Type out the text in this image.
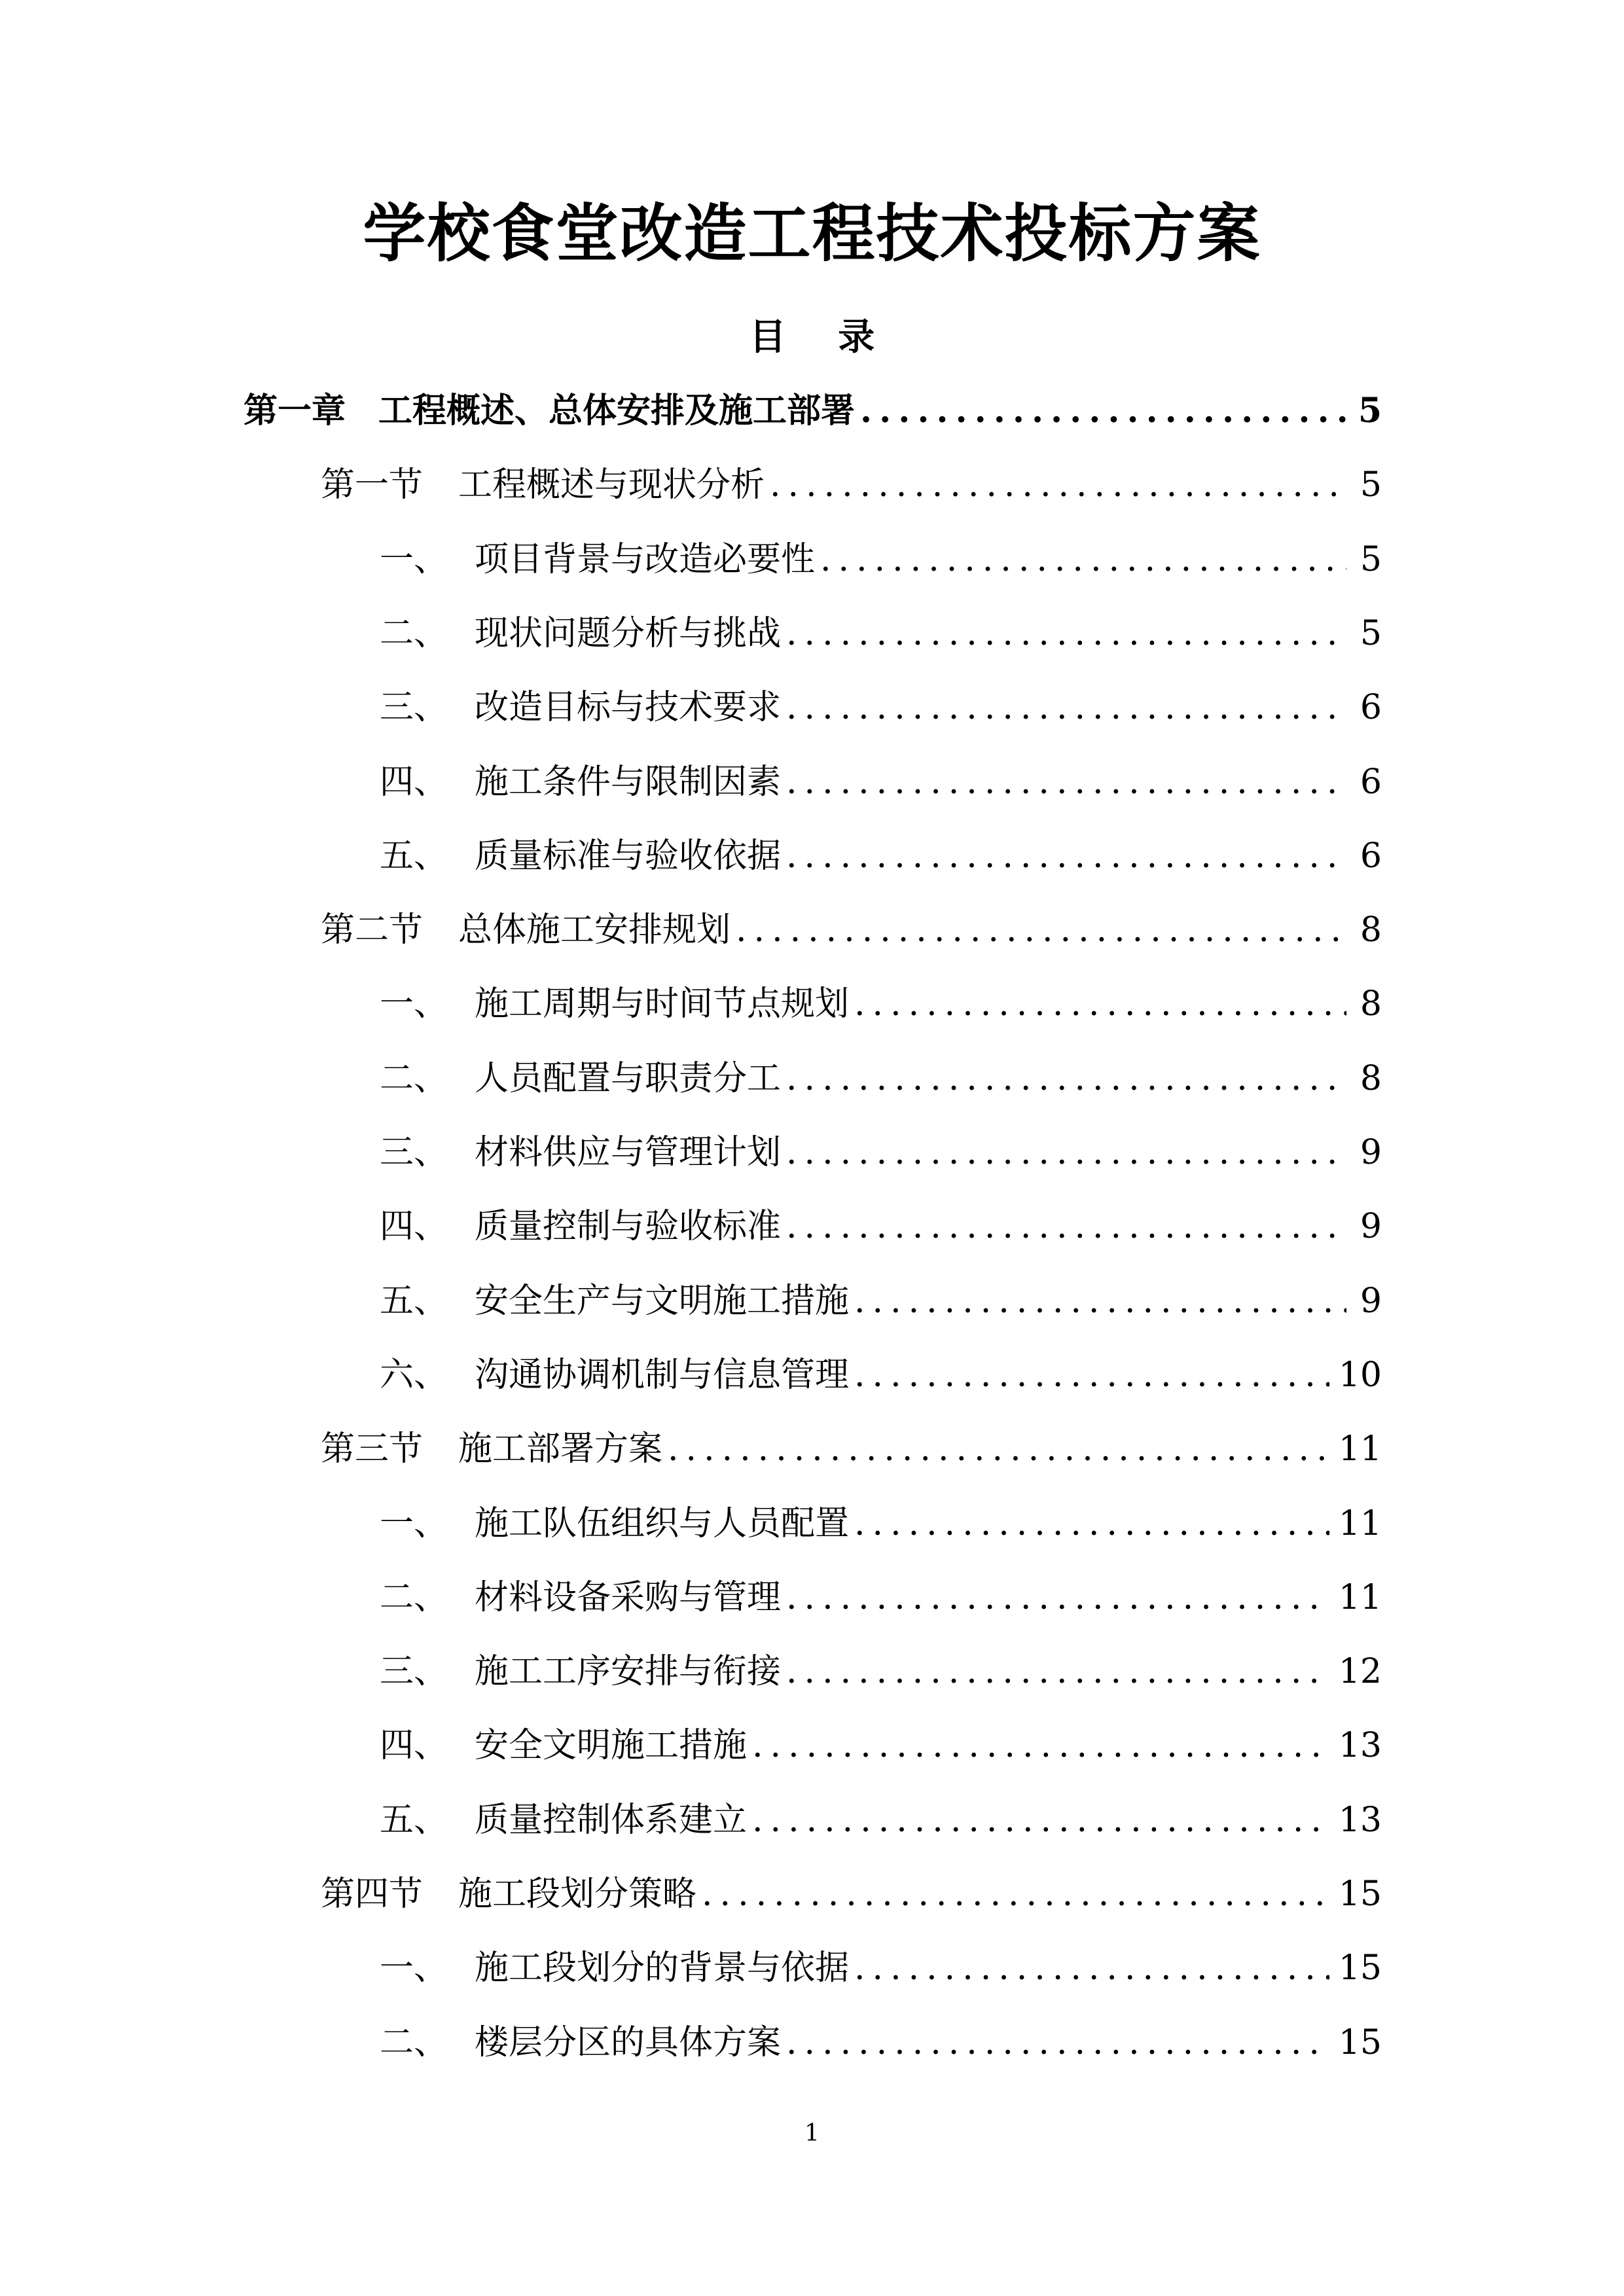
学校食堂改造工程技术投标方案
目 录
第一章 工程概述、总体安排及施工部署 .....	5
第一节	工程概述与现状分析 .....	5
一、 项目背景与改造必要性 .....	5
二、 现状问题分析与挑战 .....	5
三、 改造目标与技术要求 .....	6
四、 施工条件与限制因素 .....	6
五、 质量标准与验收依据 .....	6
第二节	总体施工安排规划 .....	8
一、 施工周期与时间节点规划 .....	8
二、 人员配置与职责分工 .....	8
三、 材料供应与管理计划 .....	9
四、 质量控制与验收标准 .....	9
五、 安全生产与文明施工措施 .....	9
六、 沟通协调机制与信息管理 .....	10
第三节	施工部署方案 .....	11
一、 施工队伍组织与人员配置 .....	11
二、 材料设备采购与管理 .....	11
三、 施工工序安排与衔接 .....	12
四、 安全文明施工措施 .....	13
五、 质量控制体系建立 .....	13
第四节	施工段划分策略 .....	15
一、 施工段划分的背景与依据 .....	15
二、 楼层分区的具体方案 .....	15
1
